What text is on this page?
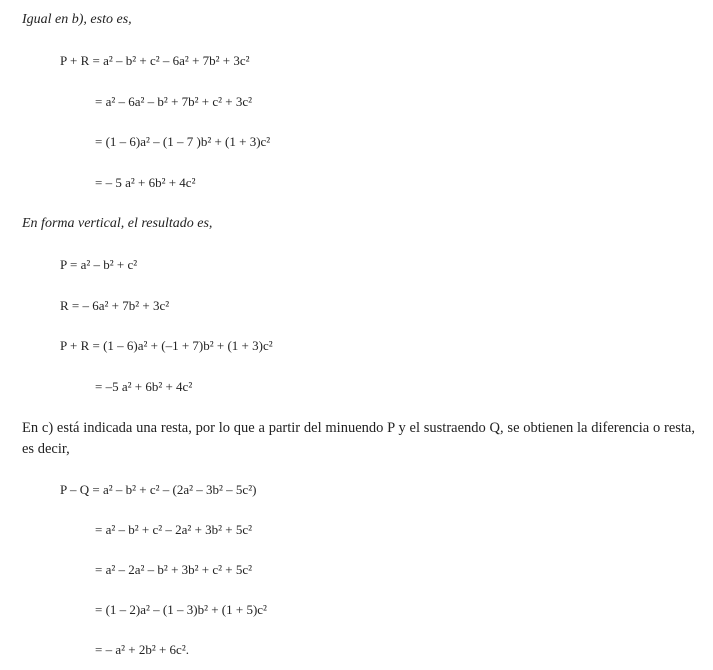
Igual en b), esto es,
P + R = a² – b² + c² – 6a² + 7b² + 3c²
= a² – 6a² – b² + 7b² + c² + 3c²
= (1 – 6)a² – (1 – 7 )b² + (1 + 3)c²
= – 5 a² + 6b² + 4c²
En forma vertical, el resultado es,
P = a² – b² + c²
R = – 6a² + 7b² + 3c²
P + R = (1 – 6)a² + (–1 + 7)b² + (1 + 3)c²
= –5 a² + 6b² + 4c²
En c) está indicada una resta, por lo que a partir del minuendo P y el sustraendo Q, se obtienen la diferencia o resta, es decir,
P – Q = a² – b² + c² – (2a² – 3b² – 5c²)
= a² – b² + c² – 2a² + 3b² + 5c²
= a² – 2a² – b² + 3b² + c² + 5c²
= (1 – 2)a² – (1 – 3)b² + (1 + 5)c²
= – a² + 2b² + 6c².
